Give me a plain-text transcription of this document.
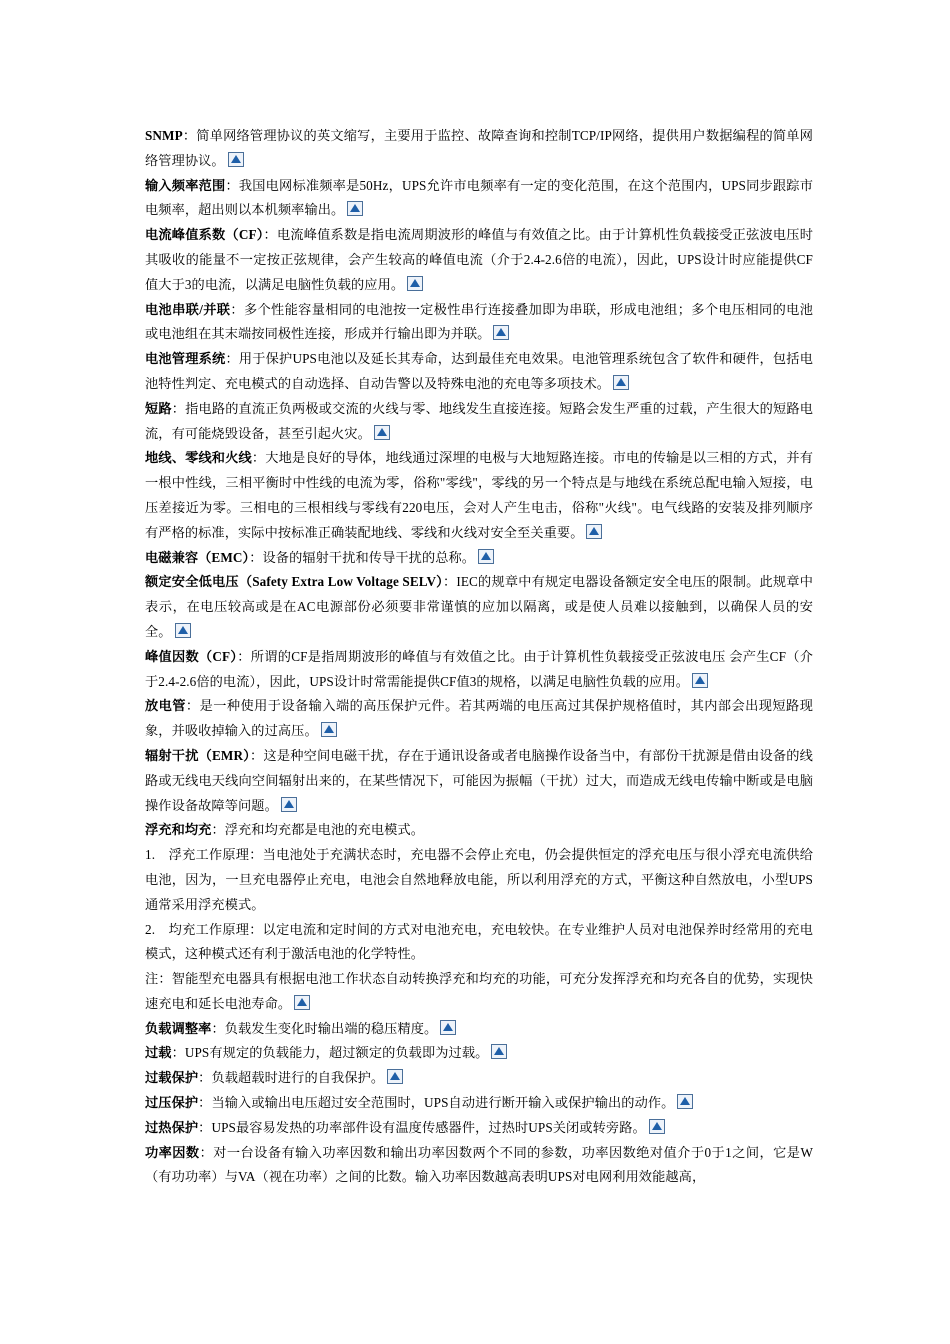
SNMP：简单网络管理协议的英文缩写，主要用于监控、故障查询和控制TCP/IP网络，提供用户数据编程的简单网络管理协议。

输入频率范围：我国电网标准频率是50Hz，UPS允许市电频率有一定的变化范围，在这个范围内，UPS同步跟踪市电频率，超出则以本机频率输出。

电流峰值系数（CF）：电流峰值系数是指电流周期波形的峰值与有效值之比。由于计算机性负载接受正弦波电压时其吸收的能量不一定按正弦规律，会产生较高的峰值电流（介于2.4-2.6倍的电流），因此，UPS设计时应能提供CF值大于3的电流，以满足电脑性负载的应用。

电池串联/并联：多个性能容量相同的电池按一定极性串行连接叠加即为串联，形成电池组；多个电压相同的电池或电池组在其末端按同极性连接，形成并行输出即为并联。

电池管理系统：用于保护UPS电池以及延长其寿命，达到最佳充电效果。电池管理系统包含了软件和硬件，包括电池特性判定、充电模式的自动选择、自动告警以及特殊电池的充电等多项技术。

短路：指电路的直流正负两极或交流的火线与零、地线发生直接连接。短路会发生严重的过载，产生很大的短路电流，有可能烧毁设备，甚至引起火灾。

地线、零线和火线：大地是良好的导体，地线通过深埋的电极与大地短路连接。市电的传输是以三相的方式，并有一根中性线，三相平衡时中性线的电流为零，俗称"零线"，零线的另一个特点是与地线在系统总配电输入短接，电压差接近为零。三相电的三根相线与零线有220电压，会对人产生电击，俗称"火线"。电气线路的安装及排列顺序有严格的标准，实际中按标准正确装配地线、零线和火线对安全至关重要。

电磁兼容（EMC）：设备的辐射干扰和传导干扰的总称。

额定安全低电压（Safety Extra Low Voltage SELV）：IEC的规章中有规定电器设备额定安全电压的限制。此规章中表示，在电压较高或是在AC电源部份必须要非常谨慎的应加以隔离，或是使人员难以接触到，以确保人员的安全。

峰值因数（CF）：所谓的CF是指周期波形的峰值与有效值之比。由于计算机性负载接受正弦波电压 会产生CF（介于2.4-2.6倍的电流），因此，UPS设计时常需能提供CF值3的规格，以满足电脑性负载的应用。

放电管：是一种使用于设备输入端的高压保护元件。若其两端的电压高过其保护规格值时，其内部会出现短路现象，并吸收掉输入的过高压。

辐射干扰（EMR）：这是种空间电磁干扰，存在于通讯设备或者电脑操作设备当中，有部份干扰源是借由设备的线路或无线电天线向空间辐射出来的，在某些情况下，可能因为振幅（干扰）过大，而造成无线电传输中断或是电脑操作设备故障等问题。

浮充和均充：浮充和均充都是电池的充电模式。

1.　浮充工作原理：当电池处于充满状态时，充电器不会停止充电，仍会提供恒定的浮充电压与很小浮充电流供给电池，因为，一旦充电器停止充电，电池会自然地释放电能，所以利用浮充的方式，平衡这种自然放电，小型UPS通常采用浮充模式。

2.　均充工作原理：以定电流和定时间的方式对电池充电，充电较快。在专业维护人员对电池保养时经常用的充电模式，这种模式还有利于激活电池的化学特性。

注：智能型充电器具有根据电池工作状态自动转换浮充和均充的功能，可充分发挥浮充和均充各自的优势，实现快速充电和延长电池寿命。

负载调整率：负载发生变化时输出端的稳压精度。

过载：UPS有规定的负载能力，超过额定的负载即为过载。

过载保护：负载超载时进行的自我保护。

过压保护：当输入或输出电压超过安全范围时，UPS自动进行断开输入或保护输出的动作。

过热保护：UPS最容易发热的功率部件设有温度传感器件，过热时UPS关闭或转旁路。

功率因数：对一台设备有输入功率因数和输出功率因数两个不同的参数，功率因数绝对值介于0于1之间，它是W（有功功率）与VA（视在功率）之间的比数。输入功率因数越高表明UPS对电网利用效能越高，
